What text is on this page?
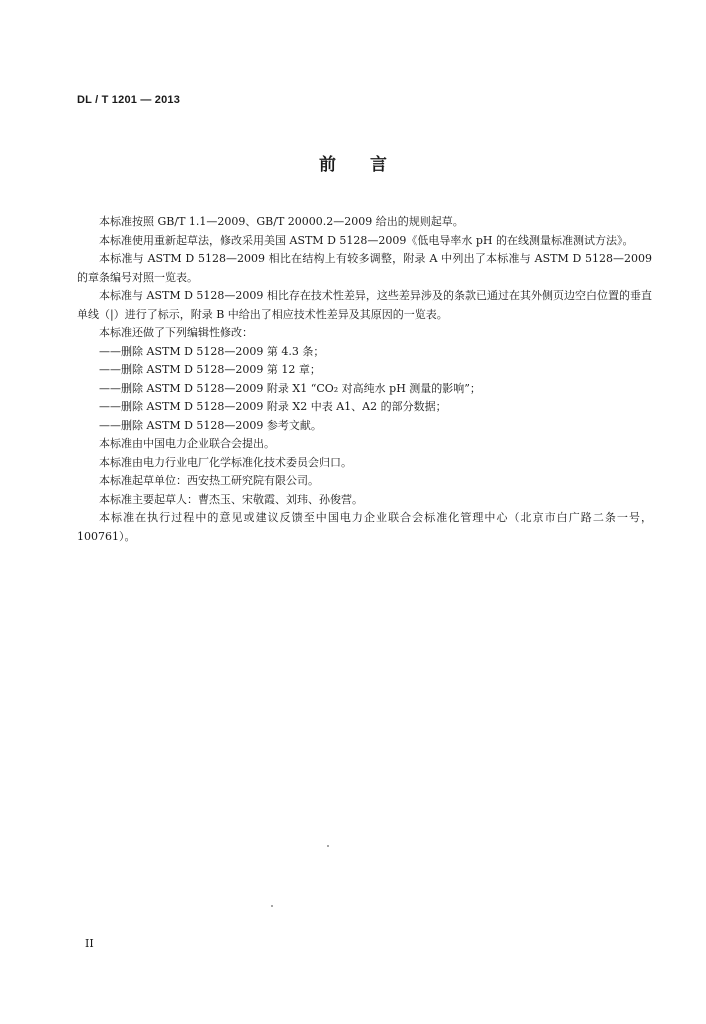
DL / T 1201 — 2013
前言

本标准按照 GB/T 1.1—2009、GB/T 20000.2—2009 给出的规则起草。

本标准使用重新起草法，修改采用美国 ASTM D 5128—2009《低电导率水 pH 的在线测量标准测试方法》。

本标准与 ASTM D 5128—2009 相比在结构上有较多调整，附录 A 中列出了本标准与 ASTM D 5128—2009 的章条编号对照一览表。

本标准与 ASTM D 5128—2009 相比存在技术性差异，这些差异涉及的条款已通过在其外侧页边空白位置的垂直单线（|）进行了标示，附录 B 中给出了相应技术性差异及其原因的一览表。

本标准还做了下列编辑性修改：

——删除 ASTM D 5128—2009 第 4.3 条；

——删除 ASTM D 5128—2009 第 12 章；

——删除 ASTM D 5128—2009 附录 X1 “CO₂ 对高纯水 pH 测量的影响”；

——删除 ASTM D 5128—2009 附录 X2 中表 A1、A2 的部分数据；

——删除 ASTM D 5128—2009 参考文献。

本标准由中国电力企业联合会提出。

本标准由电力行业电厂化学标准化技术委员会归口。

本标准起草单位：西安热工研究院有限公司。

本标准主要起草人：曹杰玉、宋敬霞、刘玮、孙俊营。

本标准在执行过程中的意见或建议反馈至中国电力企业联合会标准化管理中心（北京市白广路二条一号，100761）。

II
